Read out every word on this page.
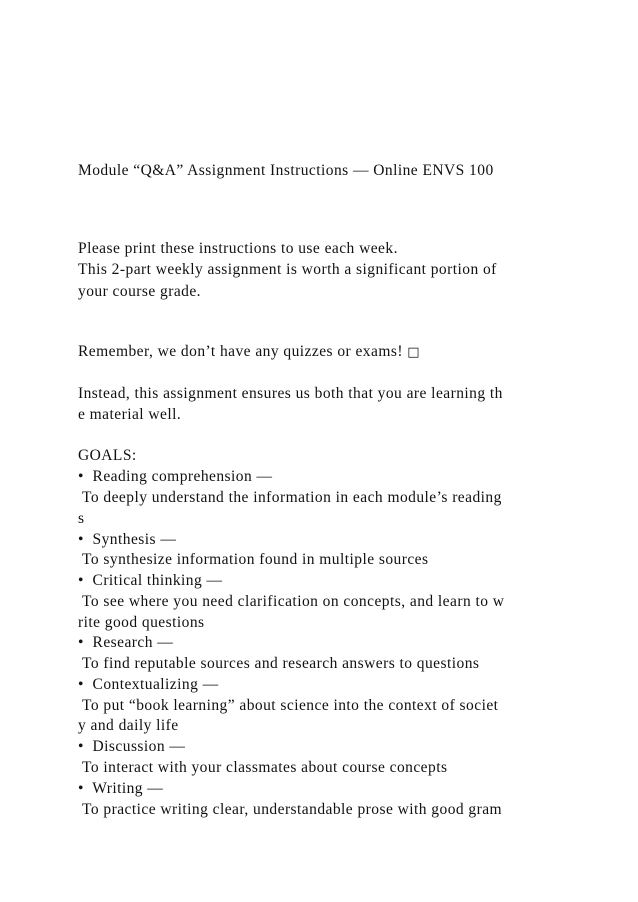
Module “Q&A” Assignment Instructions — Online ENVS 100
Please print these instructions to use each week.
This 2-part weekly assignment is worth a significant portion of
your course grade.
Remember, we don’t have any quizzes or exams! □
Instead, this assignment ensures us both that you are learning th
e material well.
GOALS:
•  Reading comprehension —
To deeply understand the information in each module’s reading
s
•  Synthesis —
To synthesize information found in multiple sources
•  Critical thinking —
To see where you need clarification on concepts, and learn to w
rite good questions
•  Research —
To find reputable sources and research answers to questions
•  Contextualizing —
To put “book learning” about science into the context of societ
y and daily life
•  Discussion —
To interact with your classmates about course concepts
•  Writing —
To practice writing clear, understandable prose with good gram
